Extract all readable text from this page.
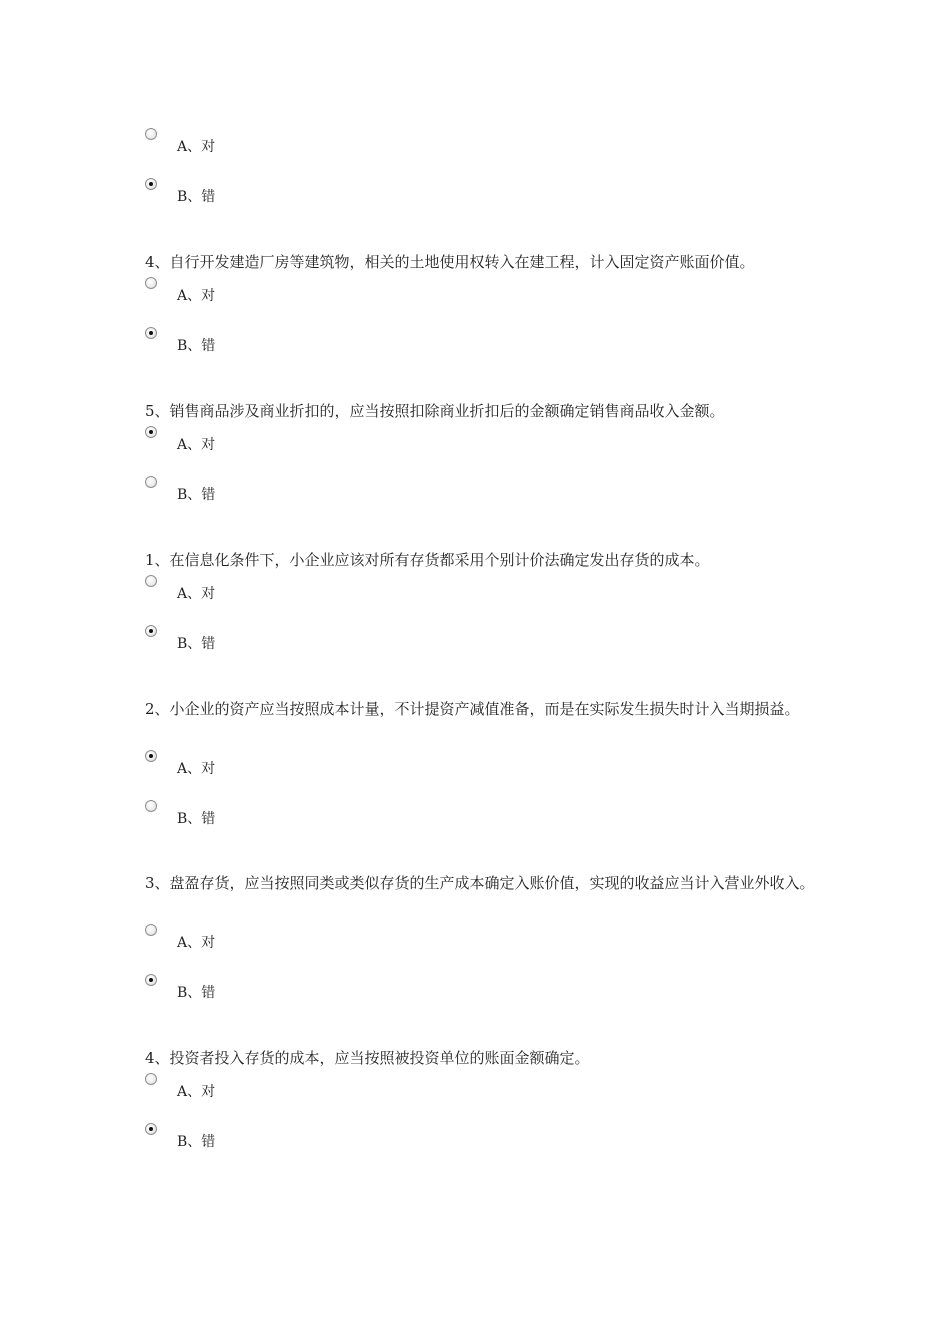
A、对
B、错
4、自行开发建造厂房等建筑物，相关的土地使用权转入在建工程，计入固定资产账面价值。
A、对
B、错
5、销售商品涉及商业折扣的，应当按照扣除商业折扣后的金额确定销售商品收入金额。
A、对
B、错
1、在信息化条件下，小企业应该对所有存货都采用个别计价法确定发出存货的成本。
A、对
B、错
2、小企业的资产应当按照成本计量，不计提资产减值准备，而是在实际发生损失时计入当期损益。
A、对
B、错
3、盘盈存货，应当按照同类或类似存货的生产成本确定入账价值，实现的收益应当计入营业外收入。
A、对
B、错
4、投资者投入存货的成本，应当按照被投资单位的账面金额确定。
A、对
B、错
